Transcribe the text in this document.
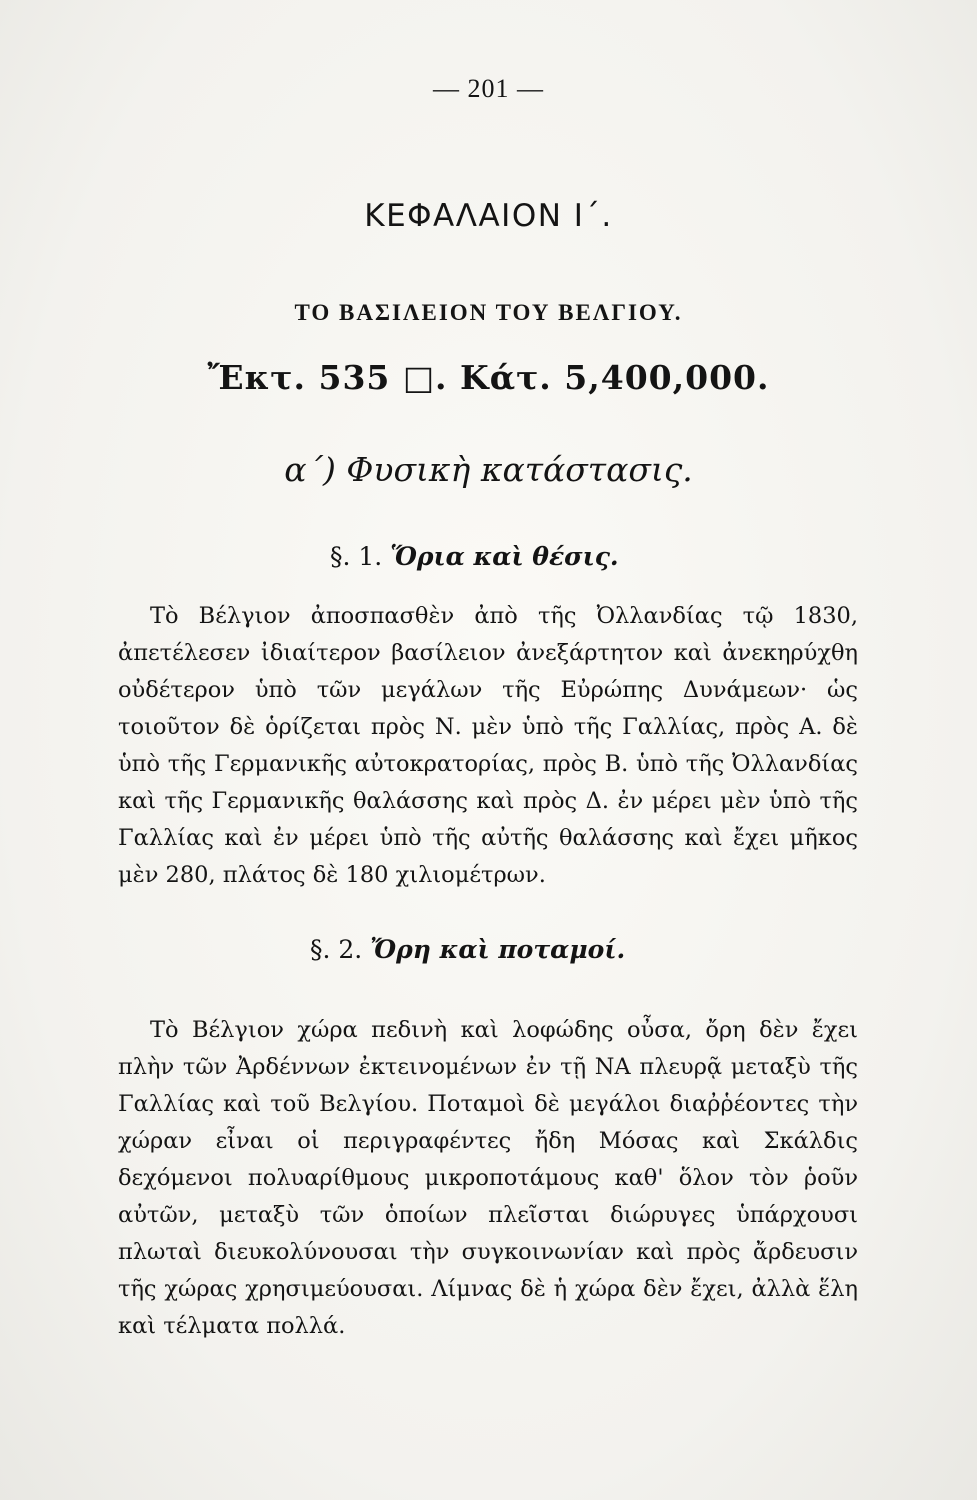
— 201 —
ΚΕΦΑΛΑΙΟΝ Ι΄.
ΤΟ ΒΑΣΙΛΕΙΟΝ ΤΟΥ ΒΕΛΓΙΟΥ.
Ἔκτ. 535 □. Κάτ. 5,400,000.
α΄) Φυσικὴ κατάστασις.
§. 1. Ὅρια καὶ θέσις.

Τὸ Βέλγιον ἀποσπασθὲν ἀπὸ τῆς Ὀλλανδίας τῷ 1830, ἀπετέλεσεν ἰδιαίτερον βασίλειον ἀνεξάρτητον καὶ ἀνεκηρύχθη οὐδέτερον ὑπὸ τῶν μεγάλων τῆς Εὐρώπης Δυνάμεων· ὡς τοιοῦτον δὲ ὁρίζεται πρὸς Ν. μὲν ὑπὸ τῆς Γαλλίας, πρὸς Α. δὲ ὑπὸ τῆς Γερμανικῆς αὐτοκρατορίας, πρὸς Β. ὑπὸ τῆς Ὀλλανδίας καὶ τῆς Γερμανικῆς θαλάσσης καὶ πρὸς Δ. ἐν μέρει μὲν ὑπὸ τῆς Γαλλίας καὶ ἐν μέρει ὑπὸ τῆς αὐτῆς θαλάσσης καὶ ἔχει μῆκος μὲν 280, πλάτος δὲ 180 χιλιομέτρων.

§. 2. Ὄρη καὶ ποταμοί.

Τὸ Βέλγιον χώρα πεδινὴ καὶ λοφώδης οὖσα, ὄρη δὲν ἔχει πλὴν τῶν Ἀρδέννων ἐκτεινομένων ἐν τῇ ΝΑ πλευρᾷ μεταξὺ τῆς Γαλλίας καὶ τοῦ Βελγίου. Ποταμοὶ δὲ μεγάλοι διαῤῥέοντες τὴν χώραν εἶναι οἱ περιγραφέντες ἤδη Μόσας καὶ Σκάλδις δεχόμενοι πολυαρίθμους μικροποτάμους καθ' ὅλον τὸν ῥοῦν αὐτῶν, μεταξὺ τῶν ὁποίων πλεῖσται διώρυγες ὑπάρχουσι πλωταὶ διευκολύνουσαι τὴν συγκοινωνίαν καὶ πρὸς ἄρδευσιν τῆς χώρας χρησιμεύουσαι. Λίμνας δὲ ἡ χώρα δὲν ἔχει, ἀλλὰ ἕλη καὶ τέλματα πολλά.
